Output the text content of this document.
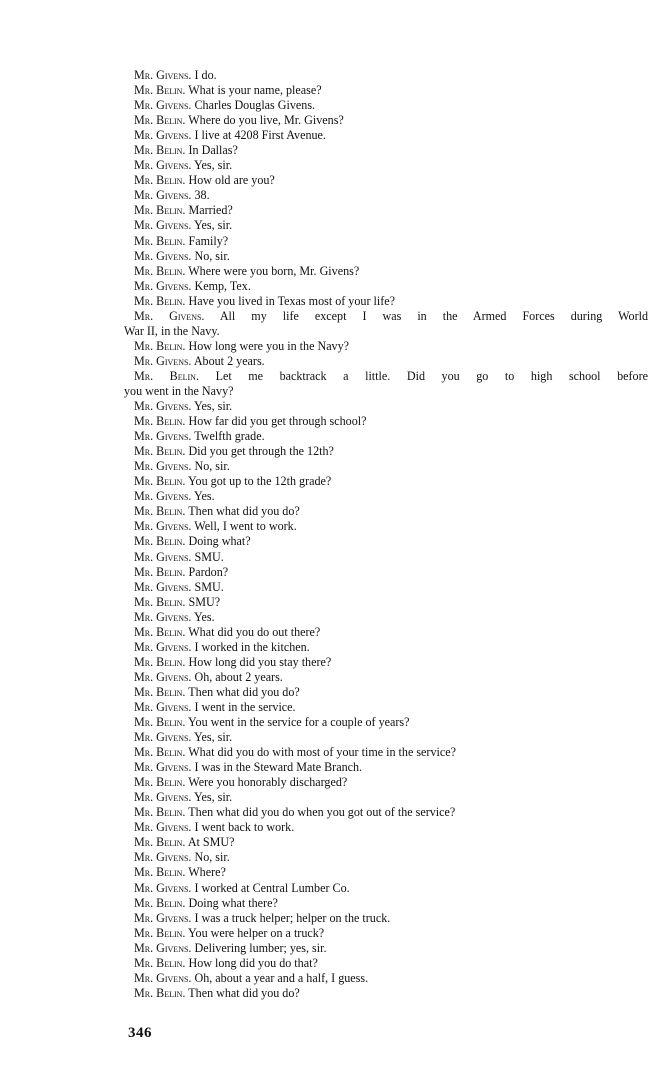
Mr. Givens. I do.
Mr. Belin. What is your name, please?
Mr. Givens. Charles Douglas Givens.
Mr. Belin. Where do you live, Mr. Givens?
Mr. Givens. I live at 4208 First Avenue.
Mr. Belin. In Dallas?
Mr. Givens. Yes, sir.
Mr. Belin. How old are you?
Mr. Givens. 38.
Mr. Belin. Married?
Mr. Givens. Yes, sir.
Mr. Belin. Family?
Mr. Givens. No, sir.
Mr. Belin. Where were you born, Mr. Givens?
Mr. Givens. Kemp, Tex.
Mr. Belin. Have you lived in Texas most of your life?
Mr. Givens. All my life except I was in the Armed Forces during World
War II, in the Navy.
Mr. Belin. How long were you in the Navy?
Mr. Givens. About 2 years.
Mr. Belin. Let me backtrack a little. Did you go to high school before
you went in the Navy?
Mr. Givens. Yes, sir.
Mr. Belin. How far did you get through school?
Mr. Givens. Twelfth grade.
Mr. Belin. Did you get through the 12th?
Mr. Givens. No, sir.
Mr. Belin. You got up to the 12th grade?
Mr. Givens. Yes.
Mr. Belin. Then what did you do?
Mr. Givens. Well, I went to work.
Mr. Belin. Doing what?
Mr. Givens. SMU.
Mr. Belin. Pardon?
Mr. Givens. SMU.
Mr. Belin. SMU?
Mr. Givens. Yes.
Mr. Belin. What did you do out there?
Mr. Givens. I worked in the kitchen.
Mr. Belin. How long did you stay there?
Mr. Givens. Oh, about 2 years.
Mr. Belin. Then what did you do?
Mr. Givens. I went in the service.
Mr. Belin. You went in the service for a couple of years?
Mr. Givens. Yes, sir.
Mr. Belin. What did you do with most of your time in the service?
Mr. Givens. I was in the Steward Mate Branch.
Mr. Belin. Were you honorably discharged?
Mr. Givens. Yes, sir.
Mr. Belin. Then what did you do when you got out of the service?
Mr. Givens. I went back to work.
Mr. Belin. At SMU?
Mr. Givens. No, sir.
Mr. Belin. Where?
Mr. Givens. I worked at Central Lumber Co.
Mr. Belin. Doing what there?
Mr. Givens. I was a truck helper; helper on the truck.
Mr. Belin. You were helper on a truck?
Mr. Givens. Delivering lumber; yes, sir.
Mr. Belin. How long did you do that?
Mr. Givens. Oh, about a year and a half, I guess.
Mr. Belin. Then what did you do?
346
